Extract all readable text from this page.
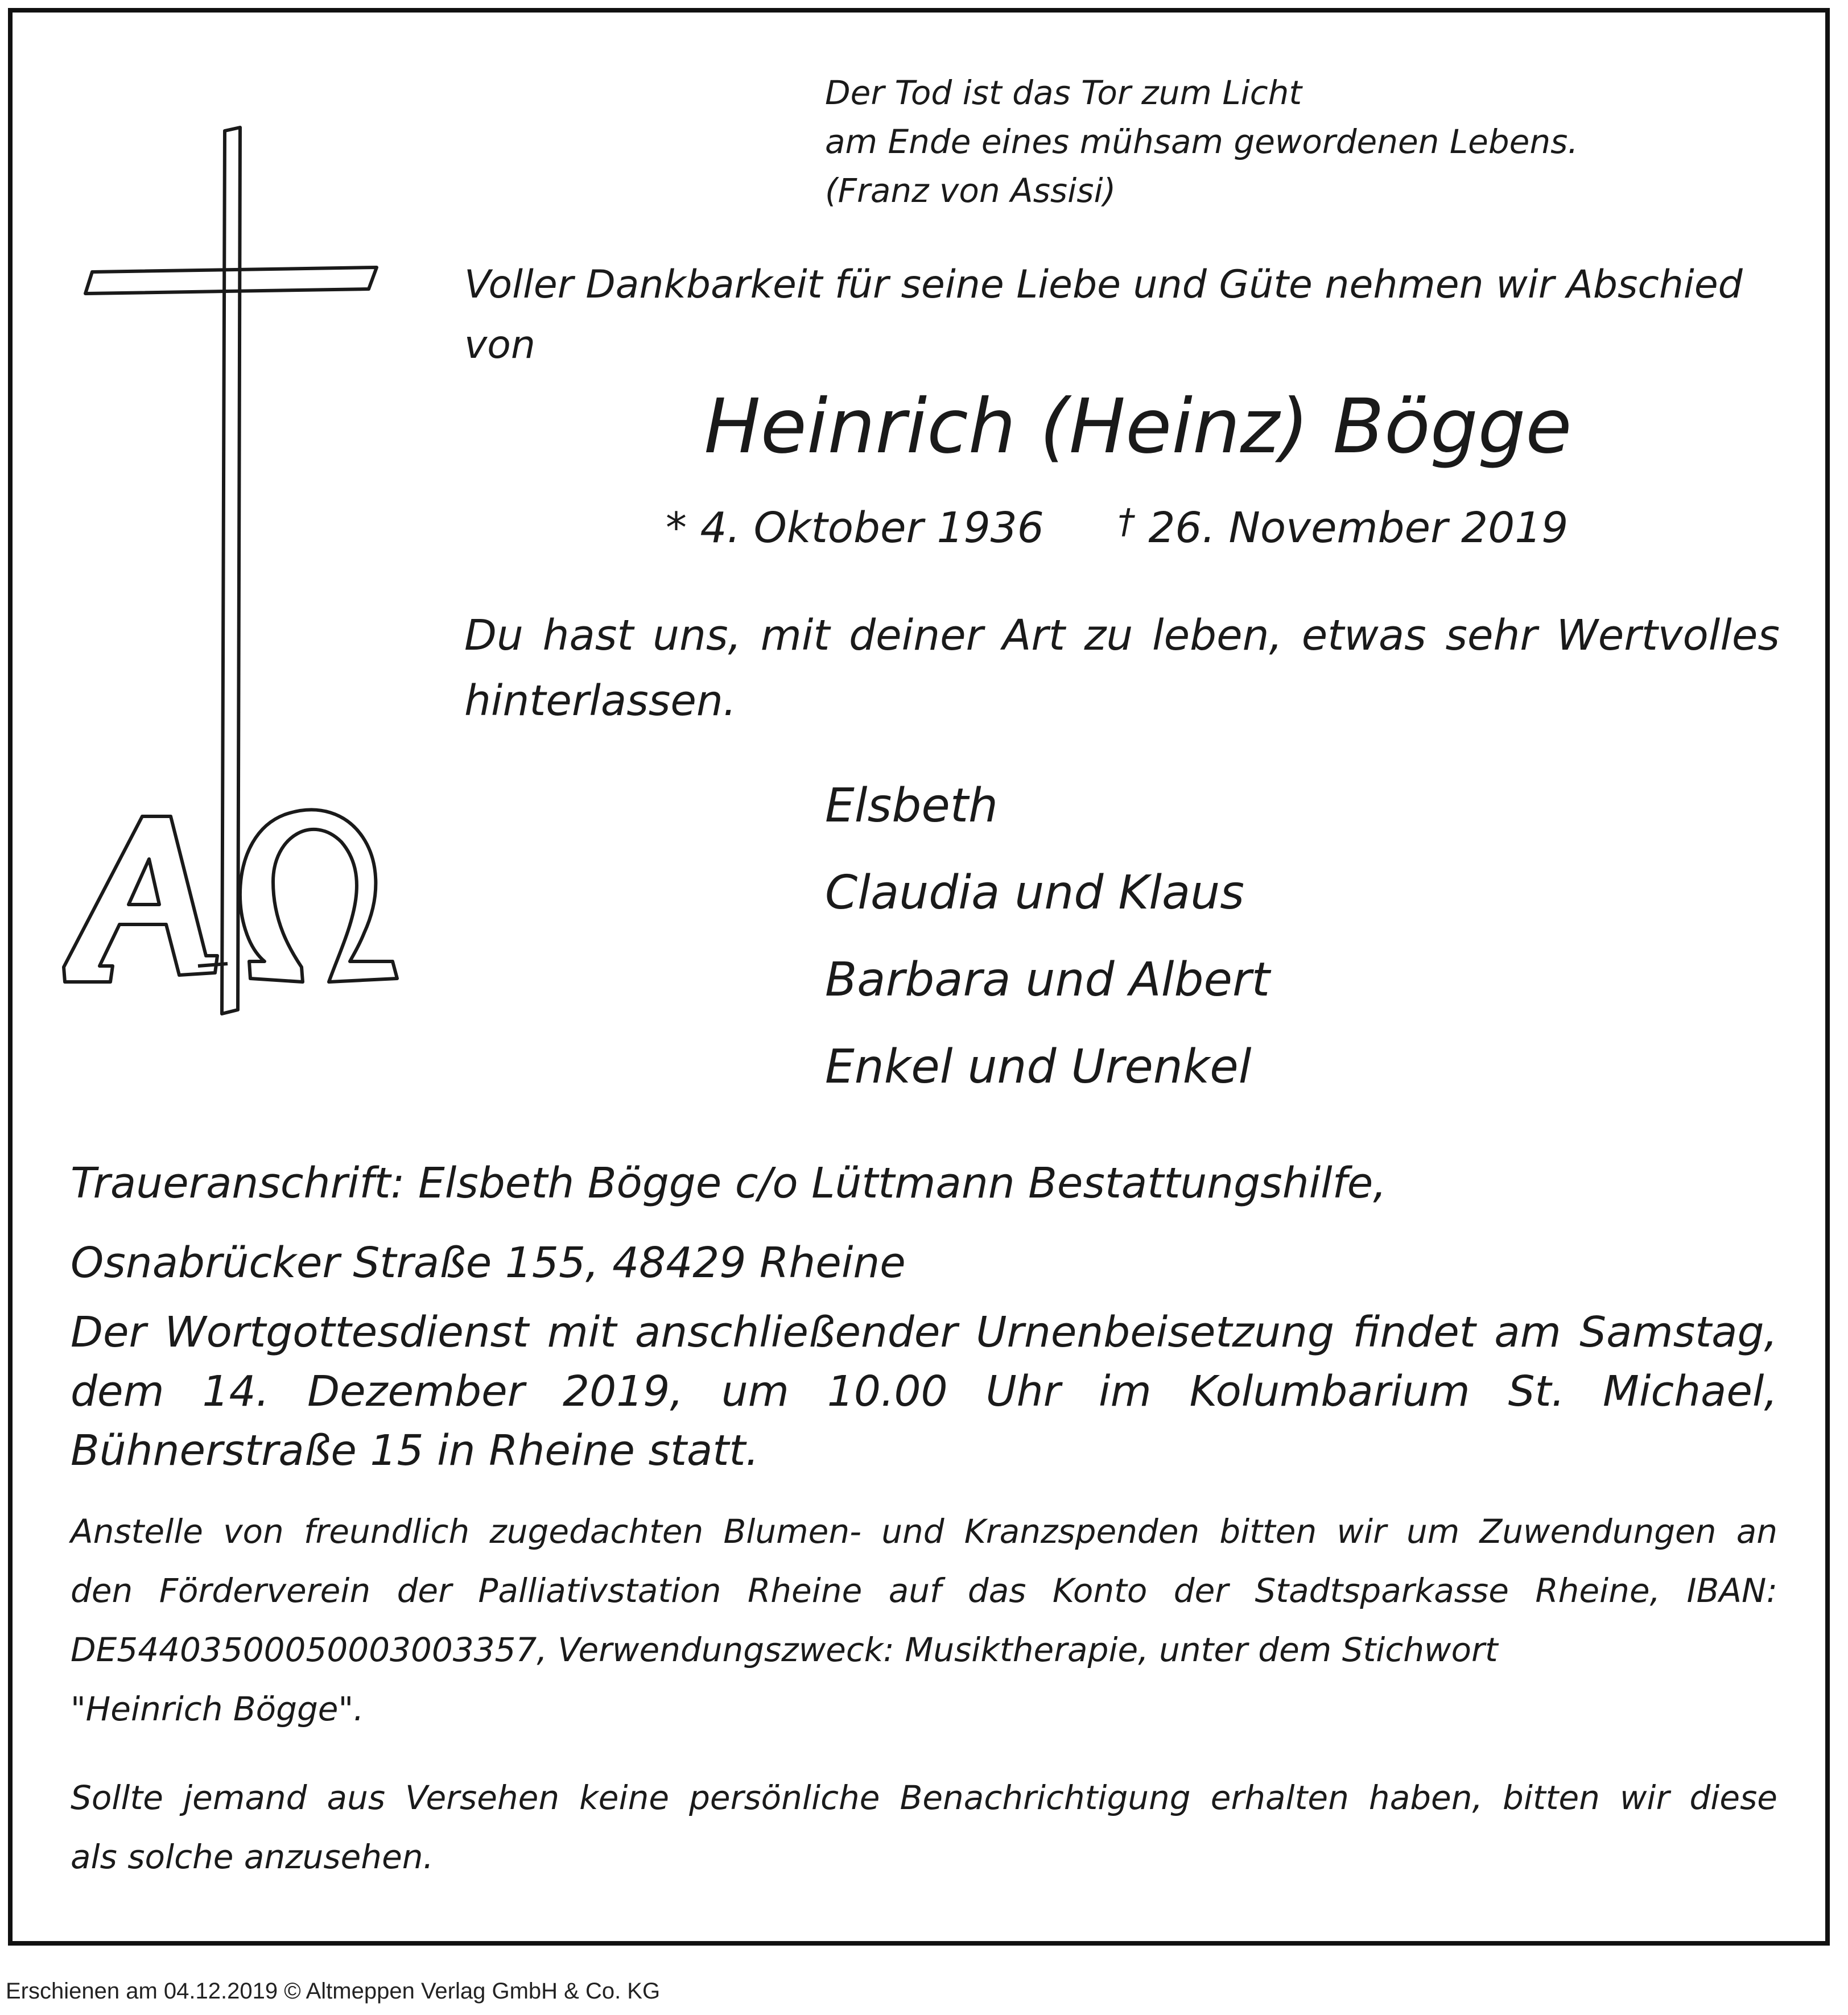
Der Tod ist das Tor zum Licht
am Ende eines mühsam gewordenen Lebens.
(Franz von Assisi)
Voller Dankbarkeit für seine Liebe und Güte nehmen wir Abschied von
Heinrich (Heinz) Bögge
* 4. Oktober 1936 † 26. November 2019
Du hast uns, mit deiner Art zu leben, etwas sehr Wertvolles hinterlassen.
Elsbeth
Claudia und Klaus
Barbara und Albert
Enkel und Urenkel
Traueranschrift: Elsbeth Bögge c/o Lüttmann Bestattungshilfe,
Osnabrücker Straße 155, 48429 Rheine
Der Wortgottesdienst mit anschließender Urnenbeisetzung findet am Samstag,
dem 14. Dezember 2019, um 10.00 Uhr im Kolumbarium St. Michael,
Bühnerstraße 15 in Rheine statt.
Anstelle von freundlich zugedachten Blumen- und Kranzspenden bitten wir um Zuwendungen an
den Förderverein der Palliativstation Rheine auf das Konto der Stadtsparkasse Rheine, IBAN:
DE54403500050003003357, Verwendungszweck: Musiktherapie, unter dem Stichwort
"Heinrich Bögge".
Sollte jemand aus Versehen keine persönliche Benachrichtigung erhalten haben, bitten wir diese
als solche anzusehen.
Erschienen am 04.12.2019 © Altmeppen Verlag GmbH & Co. KG
